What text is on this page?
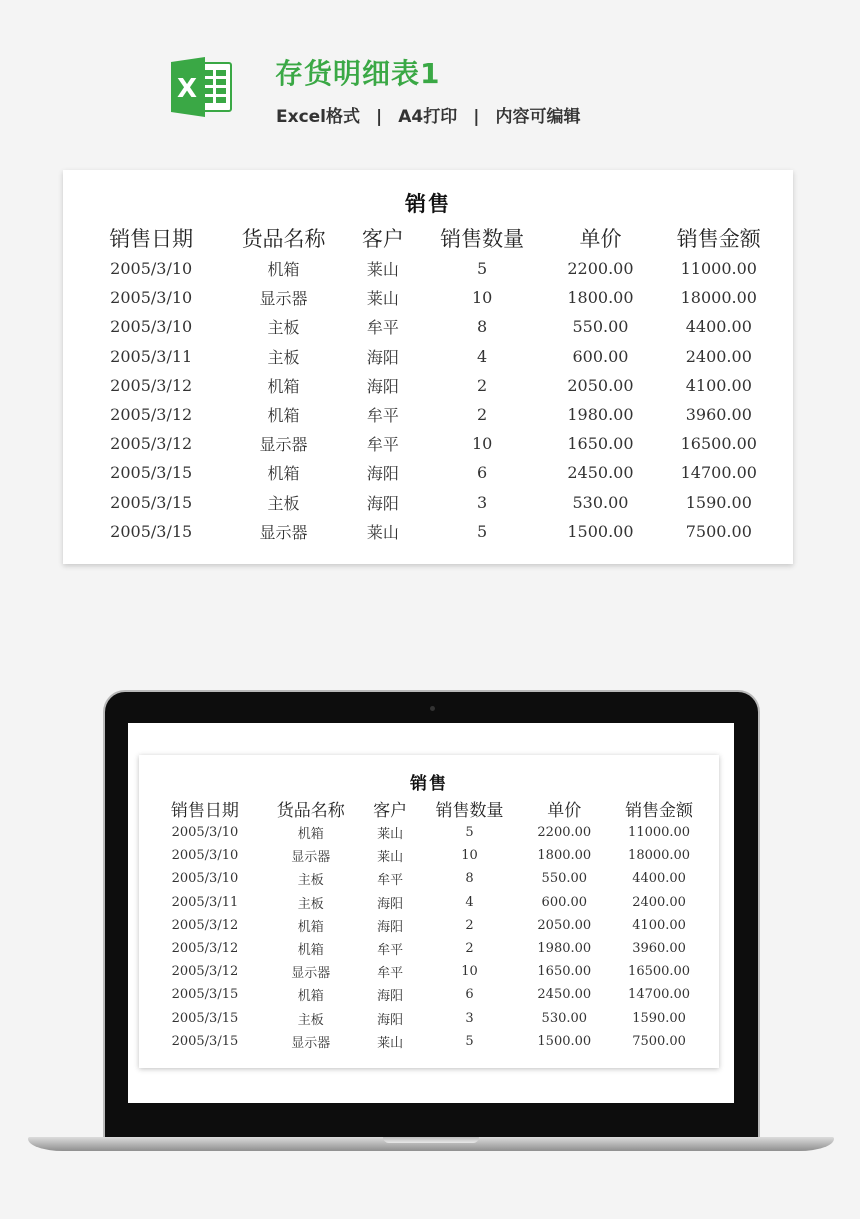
X	存货明细表1
Excel格式 | A4打印 | 内容可编辑
销售
销售日期	货品名称	客户	销售数量	单价	销售金额
2005/3/10	机箱	莱山	5	2200.00	11000.00
2005/3/10	显示器	莱山	10	1800.00	18000.00
2005/3/10	主板	牟平	8	550.00	4400.00
2005/3/11	主板	海阳	4	600.00	2400.00
2005/3/12	机箱	海阳	2	2050.00	4100.00
2005/3/12	机箱	牟平	2	1980.00	3960.00
2005/3/12	显示器	牟平	10	1650.00	16500.00
2005/3/15	机箱	海阳	6	2450.00	14700.00
2005/3/15	主板	海阳	3	530.00	1590.00
2005/3/15	显示器	莱山	5	1500.00	7500.00
销售
销售日期	货品名称	客户	销售数量	单价	销售金额
2005/3/10	机箱	莱山	5	2200.00	11000.00
2005/3/10	显示器	莱山	10	1800.00	18000.00
2005/3/10	主板	牟平	8	550.00	4400.00
2005/3/11	主板	海阳	4	600.00	2400.00
2005/3/12	机箱	海阳	2	2050.00	4100.00
2005/3/12	机箱	牟平	2	1980.00	3960.00
2005/3/12	显示器	牟平	10	1650.00	16500.00
2005/3/15	机箱	海阳	6	2450.00	14700.00
2005/3/15	主板	海阳	3	530.00	1590.00
2005/3/15	显示器	莱山	5	1500.00	7500.00
